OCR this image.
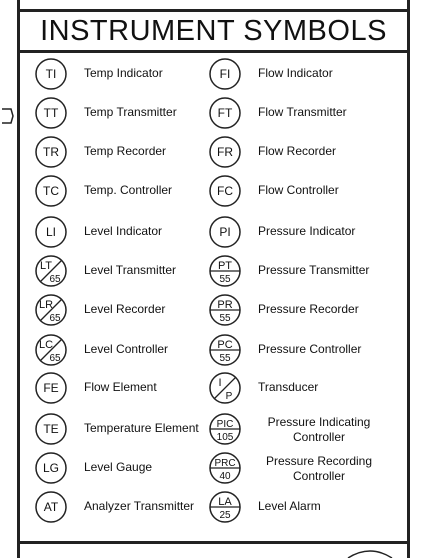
INSTRUMENT SYMBOLS
TI Temp Indicator
TT Temp Transmitter
TR Temp Recorder
TC Temp. Controller
LI Level Indicator
LT
65
Level Transmitter
LR
65
Level Recorder
LC
65
Level Controller
FE Flow Element
TE Temperature Element
LG Level Gauge
AT Analyzer Transmitter
FI Flow Indicator
FT Flow Transmitter
FR Flow Recorder
FC Flow Controller
PI Pressure Indicator
PT
55
Pressure Transmitter
PR
55
Pressure Recorder
PC
55
Pressure Controller
I
P
Transducer
PIC
105
Pressure Indicating Controller
PRC
40
Pressure Recording Controller
LA
25
Level Alarm
